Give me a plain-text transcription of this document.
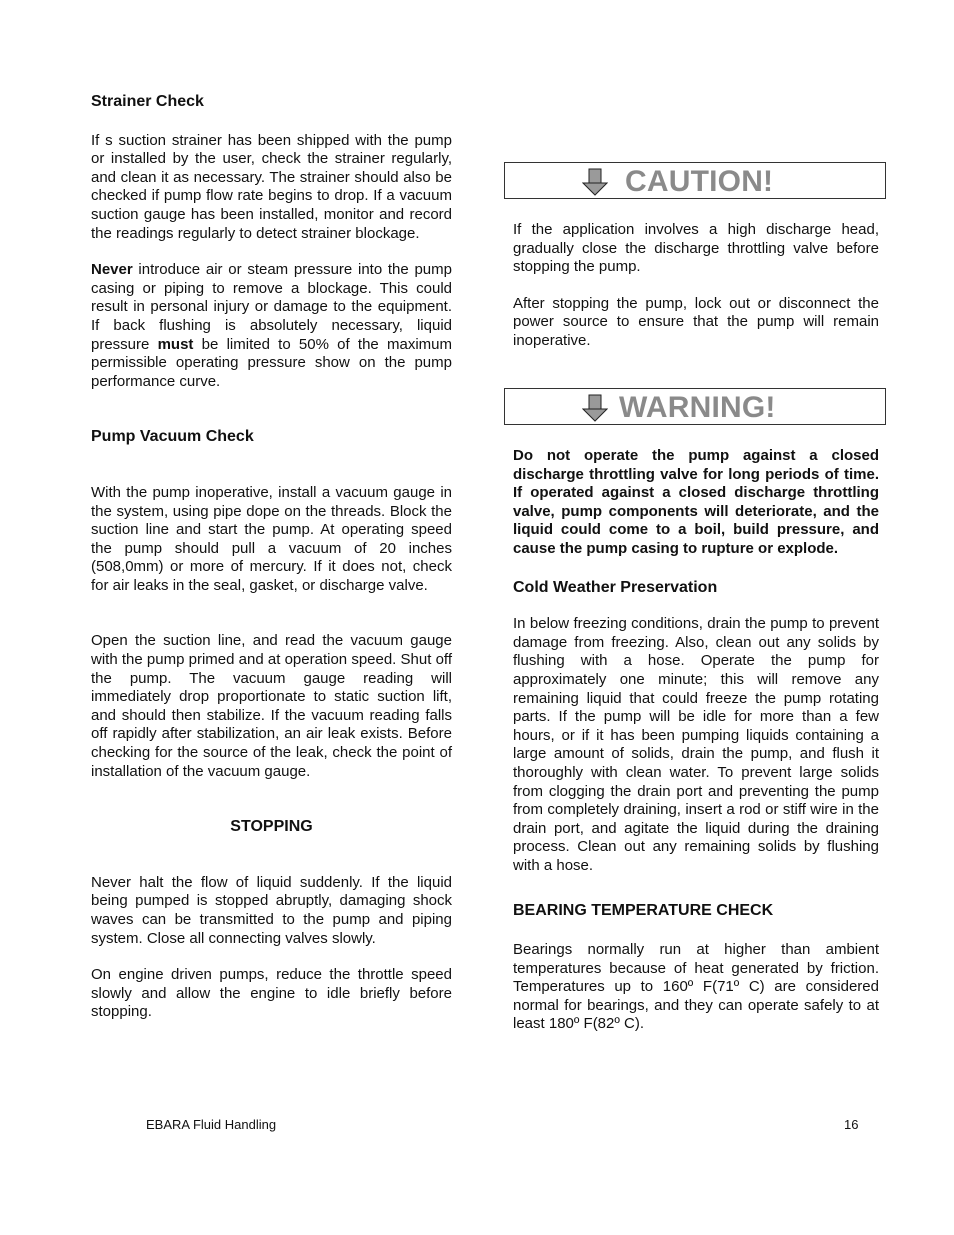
Strainer Check

If s suction strainer has been shipped with the pump or installed by the user, check the strainer regularly, and clean it as necessary. The strainer should also be checked if pump flow rate begins to drop. If a vacuum suction gauge has been installed, monitor and record the readings regularly to detect strainer blockage.

Never introduce air or steam pressure into the pump casing or piping to remove a blockage. This could result in personal injury or damage to the equipment. If back flushing is absolutely necessary, liquid pressure must be limited to 50% of the maximum permissible operating pressure show on the pump performance curve.

Pump Vacuum Check

With the pump inoperative, install a vacuum gauge in the system, using pipe dope on the threads. Block the suction line and start the pump. At operating speed the pump should pull a vacuum of 20 inches (508,0mm) or more of mercury. If it does not, check for air leaks in the seal, gasket, or discharge valve.

Open the suction line, and read the vacuum gauge with the pump primed and at operation speed. Shut off the pump. The vacuum gauge reading will immediately drop proportionate to static suction lift, and should then stabilize. If the vacuum reading falls off rapidly after stabilization, an air leak exists. Before checking for the source of the leak, check the point of installation of the vacuum gauge.

STOPPING

Never halt the flow of liquid suddenly. If the liquid being pumped is stopped abruptly, damaging shock waves can be transmitted to the pump and piping system. Close all connecting valves slowly.

On engine driven pumps, reduce the throttle speed slowly and allow the engine to idle briefly before stopping.

CAUTION!
WARNING!

If the application involves a high discharge head, gradually close the discharge throttling valve before stopping the pump.

After stopping the pump, lock out or disconnect the power source to ensure that the pump will remain inoperative.

Do not operate the pump against a closed discharge throttling valve for long periods of time. If operated against a closed discharge throttling valve, pump components will deteriorate, and the liquid could come to a boil, build pressure, and cause the pump casing to rupture or explode.

Cold Weather Preservation

In below freezing conditions, drain the pump to prevent damage from freezing. Also, clean out any solids by flushing with a hose. Operate the pump for approximately one minute; this will remove any remaining liquid that could freeze the pump rotating parts. If the pump will be idle for more than a few hours, or if it has been pumping liquids containing a large amount of solids, drain the pump, and flush it thoroughly with clean water. To prevent large solids from clogging the drain port and preventing the pump from completely draining, insert a rod or stiff wire in the drain port, and agitate the liquid during the draining process. Clean out any remaining solids by flushing with a hose.

BEARING TEMPERATURE CHECK

Bearings normally run at higher than ambient temperatures because of heat generated by friction. Temperatures up to 160º F(71º C) are considered normal for bearings, and they can operate safely to at least 180º F(82º C).

EBARA Fluid Handling	16
